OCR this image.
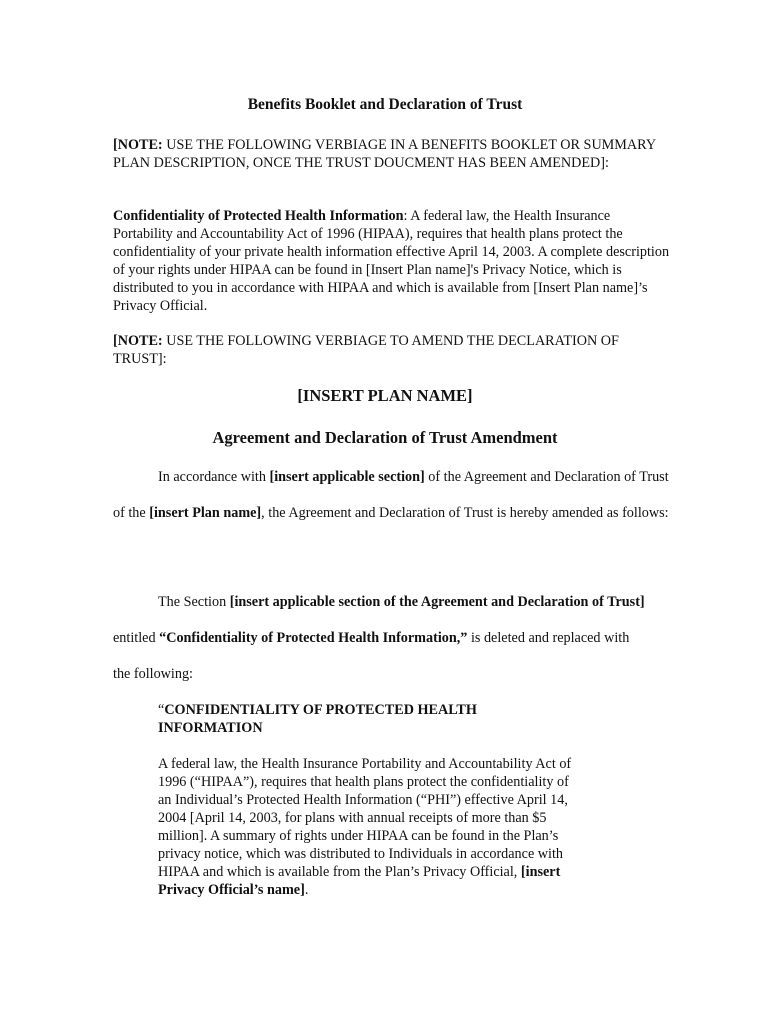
Benefits Booklet and Declaration of Trust

[NOTE: USE THE FOLLOWING VERBIAGE IN A BENEFITS BOOKLET OR SUMMARY PLAN DESCRIPTION, ONCE THE TRUST DOUCMENT HAS BEEN AMENDED]:

Confidentiality of Protected Health Information: A federal law, the Health Insurance Portability and Accountability Act of 1996 (HIPAA), requires that health plans protect the confidentiality of your private health information effective April 14, 2003. A complete description of your rights under HIPAA can be found in [Insert Plan name]'s Privacy Notice, which is distributed to you in accordance with HIPAA and which is available from [Insert Plan name]’s Privacy Official.

[NOTE: USE THE FOLLOWING VERBIAGE TO AMEND THE DECLARATION OF TRUST]:

[INSERT PLAN NAME]
Agreement and Declaration of Trust Amendment

In accordance with [insert applicable section] of the Agreement and Declaration of Trust of the [insert Plan name], the Agreement and Declaration of Trust is hereby amended as follows:

The Section [insert applicable section of the Agreement and Declaration of Trust] entitled “Confidentiality of Protected Health Information,” is deleted and replaced with the following:

“CONFIDENTIALITY OF PROTECTED HEALTH INFORMATION

A federal law, the Health Insurance Portability and Accountability Act of 1996 (“HIPAA”), requires that health plans protect the confidentiality of an Individual’s Protected Health Information (“PHI”) effective April 14, 2004 [April 14, 2003, for plans with annual receipts of more than $5 million]. A summary of rights under HIPAA can be found in the Plan’s privacy notice, which was distributed to Individuals in accordance with HIPAA and which is available from the Plan’s Privacy Official, [insert Privacy Official’s name].
